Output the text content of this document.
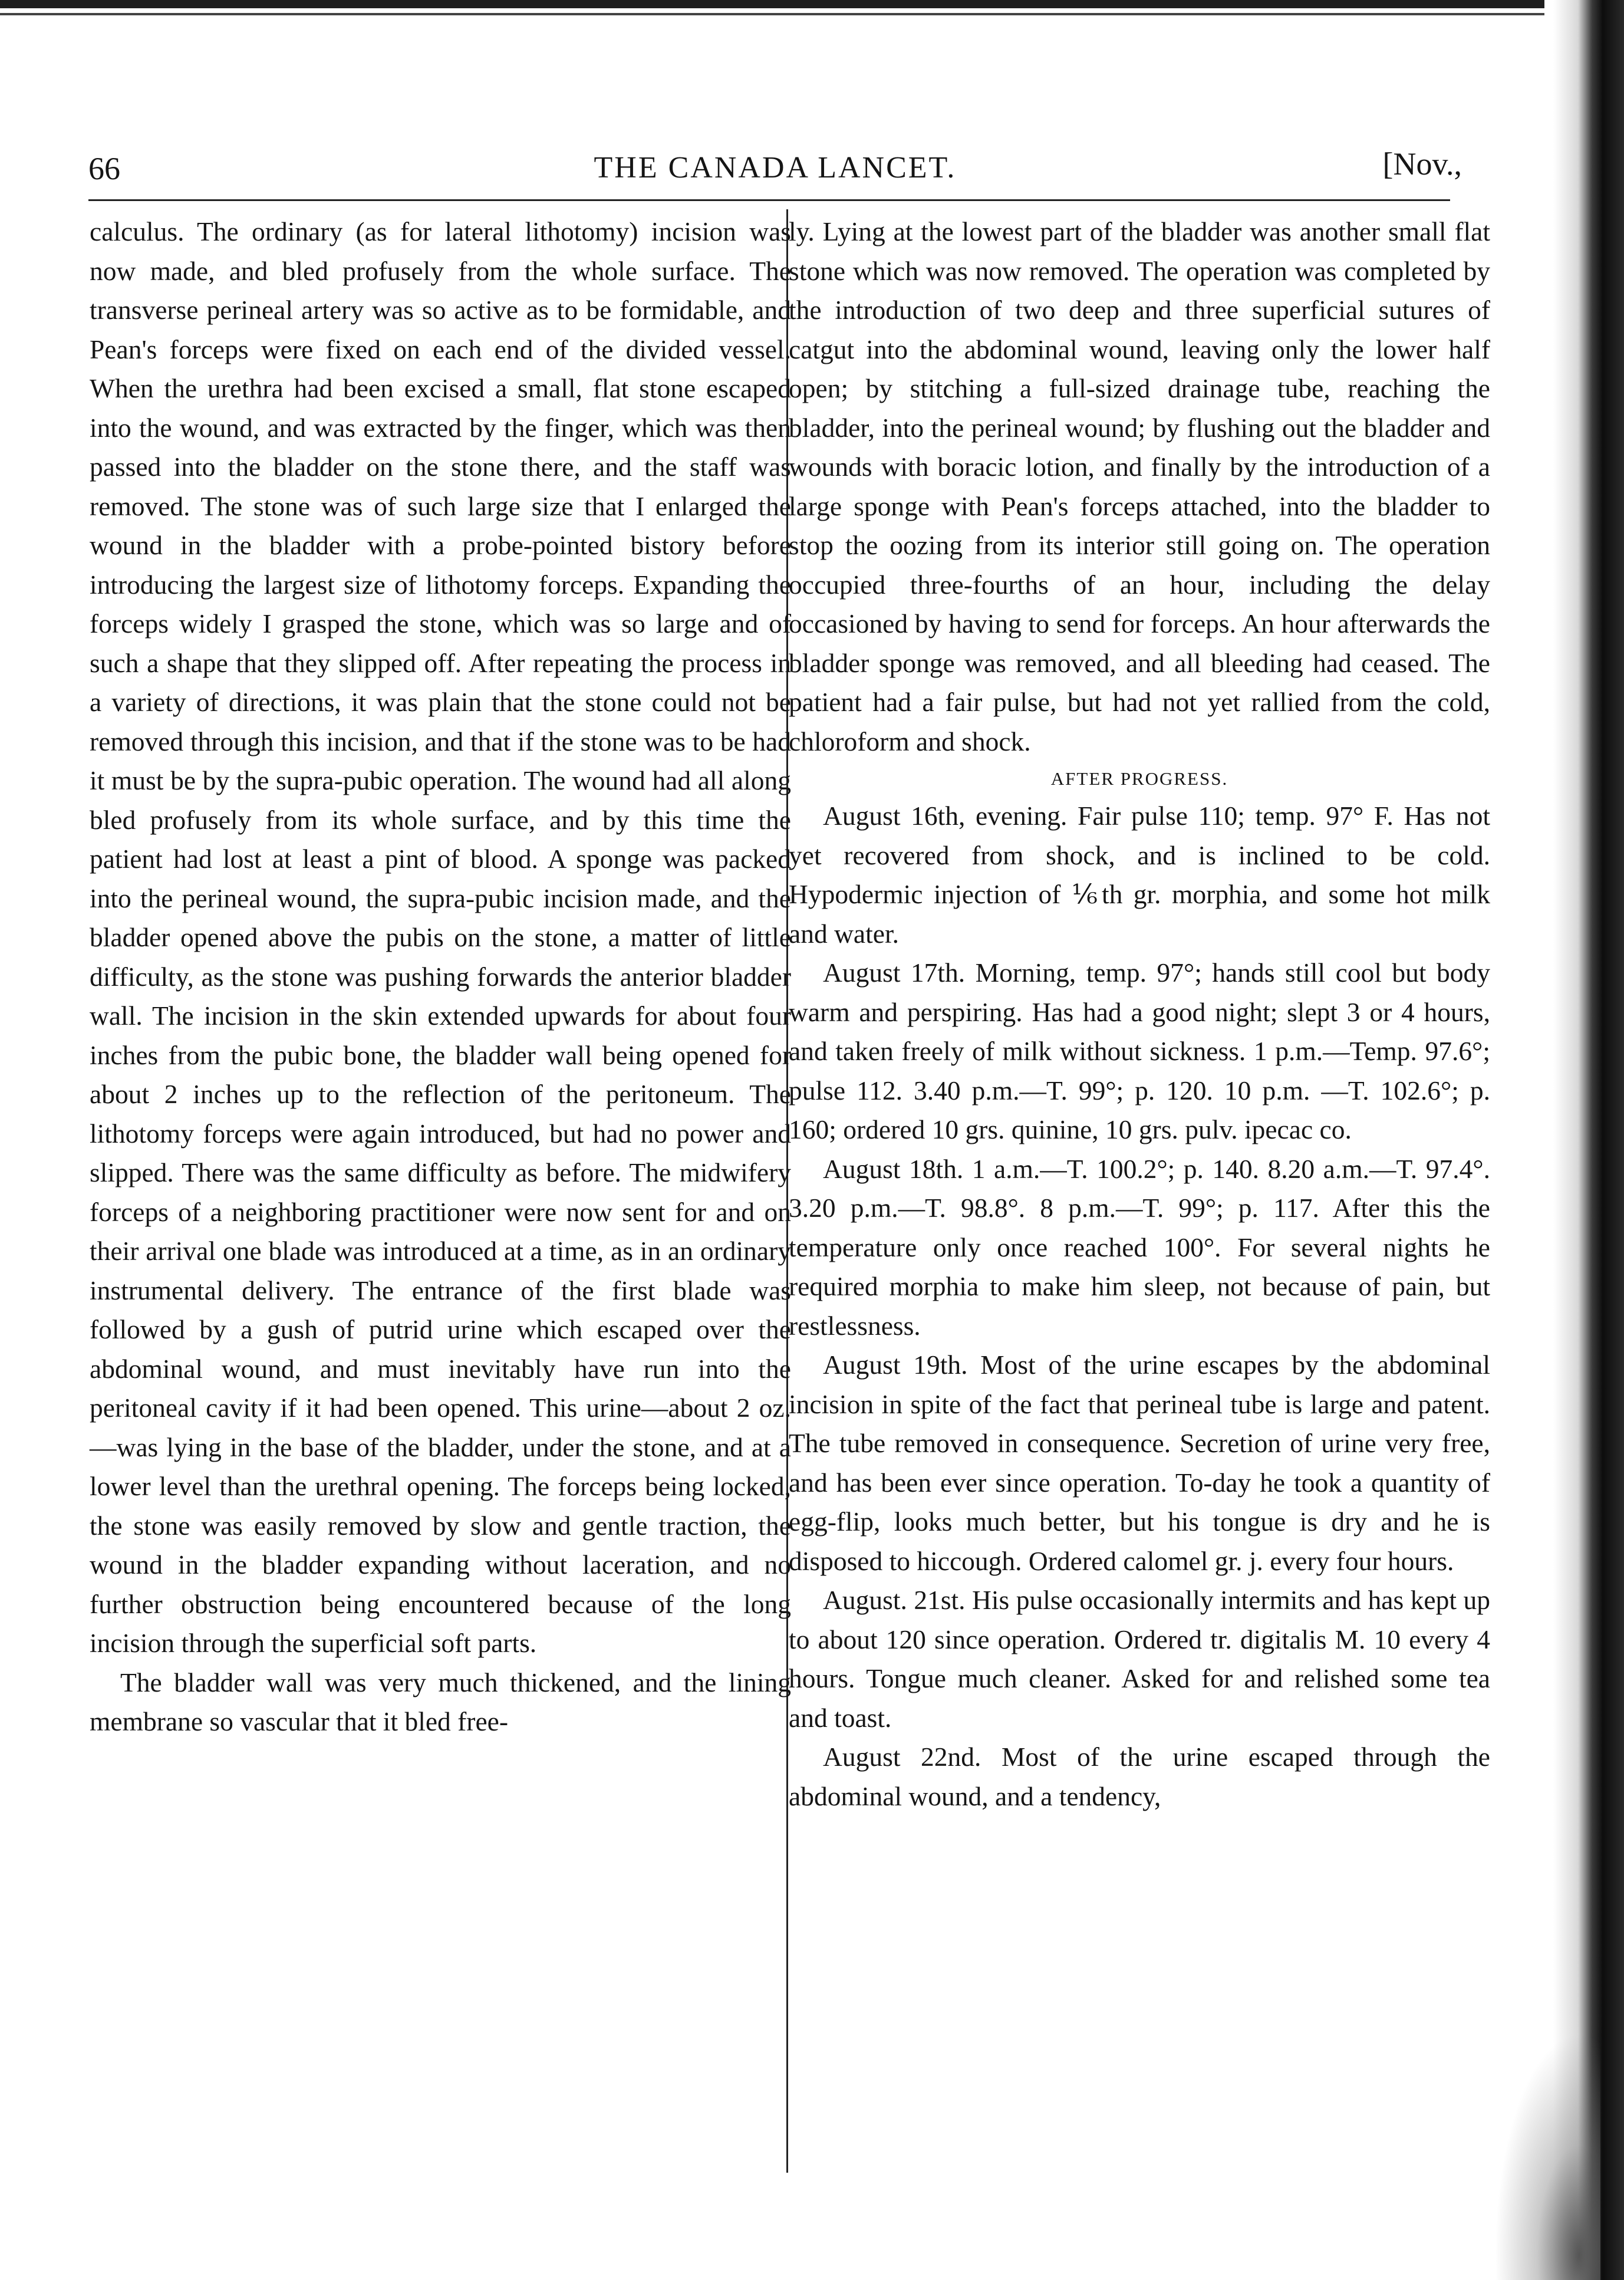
66	THE CANADA LANCET.	[Nov.,

calculus. The ordinary (as for lateral lithotomy) incision was now made, and bled profusely from the whole surface. The transverse perineal artery was so active as to be formidable, and Pean's forceps were fixed on each end of the divided vessel. When the urethra had been excised a small, flat stone escaped into the wound, and was extracted by the finger, which was then passed into the bladder on the stone there, and the staff was removed. The stone was of such large size that I enlarged the wound in the bladder with a probe-pointed bistory before introducing the largest size of lithotomy forceps. Expanding the forceps widely I grasped the stone, which was so large and of such a shape that they slipped off. After repeating the process in a variety of directions, it was plain that the stone could not be removed through this incision, and that if the stone was to be had it must be by the supra-pubic operation. The wound had all along bled profusely from its whole surface, and by this time the patient had lost at least a pint of blood. A sponge was packed into the perineal wound, the supra-pubic incision made, and the bladder opened above the pubis on the stone, a matter of little difficulty, as the stone was pushing forwards the anterior bladder wall. The incision in the skin extended upwards for about four inches from the pubic bone, the bladder wall being opened for about 2 inches up to the reflection of the peritoneum. The lithotomy forceps were again introduced, but had no power and slipped. There was the same difficulty as before. The midwifery forceps of a neighboring practitioner were now sent for and on their arrival one blade was introduced at a time, as in an ordinary instrumental delivery. The entrance of the first blade was followed by a gush of putrid urine which escaped over the abdominal wound, and must inevitably have run into the peritoneal cavity if it had been opened. This urine—about 2 oz.—was lying in the base of the bladder, under the stone, and at a lower level than the urethral opening. The forceps being locked, the stone was easily removed by slow and gentle traction, the wound in the bladder expanding without laceration, and no further obstruction being encountered because of the long incision through the superficial soft parts.

The bladder wall was very much thickened, and the lining membrane so vascular that it bled free-

ly. Lying at the lowest part of the bladder was another small flat stone which was now removed. The operation was completed by the introduction of two deep and three superficial sutures of catgut into the abdominal wound, leaving only the lower half open; by stitching a full-sized drainage tube, reaching the bladder, into the perineal wound; by flushing out the bladder and wounds with boracic lotion, and finally by the introduction of a large sponge with Pean's forceps attached, into the bladder to stop the oozing from its interior still going on. The operation occupied three-fourths of an hour, including the delay occasioned by having to send for forceps. An hour afterwards the bladder sponge was removed, and all bleeding had ceased. The patient had a fair pulse, but had not yet rallied from the cold, chloroform and shock.

AFTER PROGRESS.

August 16th, evening. Fair pulse 110; temp. 97° F. Has not yet recovered from shock, and is inclined to be cold. Hypodermic injection of ⅙th gr. morphia, and some hot milk and water.

August 17th. Morning, temp. 97°; hands still cool but body warm and perspiring. Has had a good night; slept 3 or 4 hours, and taken freely of milk without sickness. 1 p.m.—Temp. 97.6°; pulse 112. 3.40 p.m.—T. 99°; p. 120. 10 p.m. —T. 102.6°; p. 160; ordered 10 grs. quinine, 10 grs. pulv. ipecac co.

August 18th. 1 a.m.—T. 100.2°; p. 140. 8.20 a.m.—T. 97.4°. 3.20 p.m.—T. 98.8°. 8 p.m.—T. 99°; p. 117. After this the temperature only once reached 100°. For several nights he required morphia to make him sleep, not because of pain, but restlessness.

August 19th. Most of the urine escapes by the abdominal incision in spite of the fact that perineal tube is large and patent. The tube removed in consequence. Secretion of urine very free, and has been ever since operation. To-day he took a quantity of egg-flip, looks much better, but his tongue is dry and he is disposed to hiccough. Ordered calomel gr. j. every four hours.

August. 21st. His pulse occasionally intermits and has kept up to about 120 since operation. Ordered tr. digitalis M. 10 every 4 hours. Tongue much cleaner. Asked for and relished some tea and toast.

August 22nd. Most of the urine escaped through the abdominal wound, and a tendency,
